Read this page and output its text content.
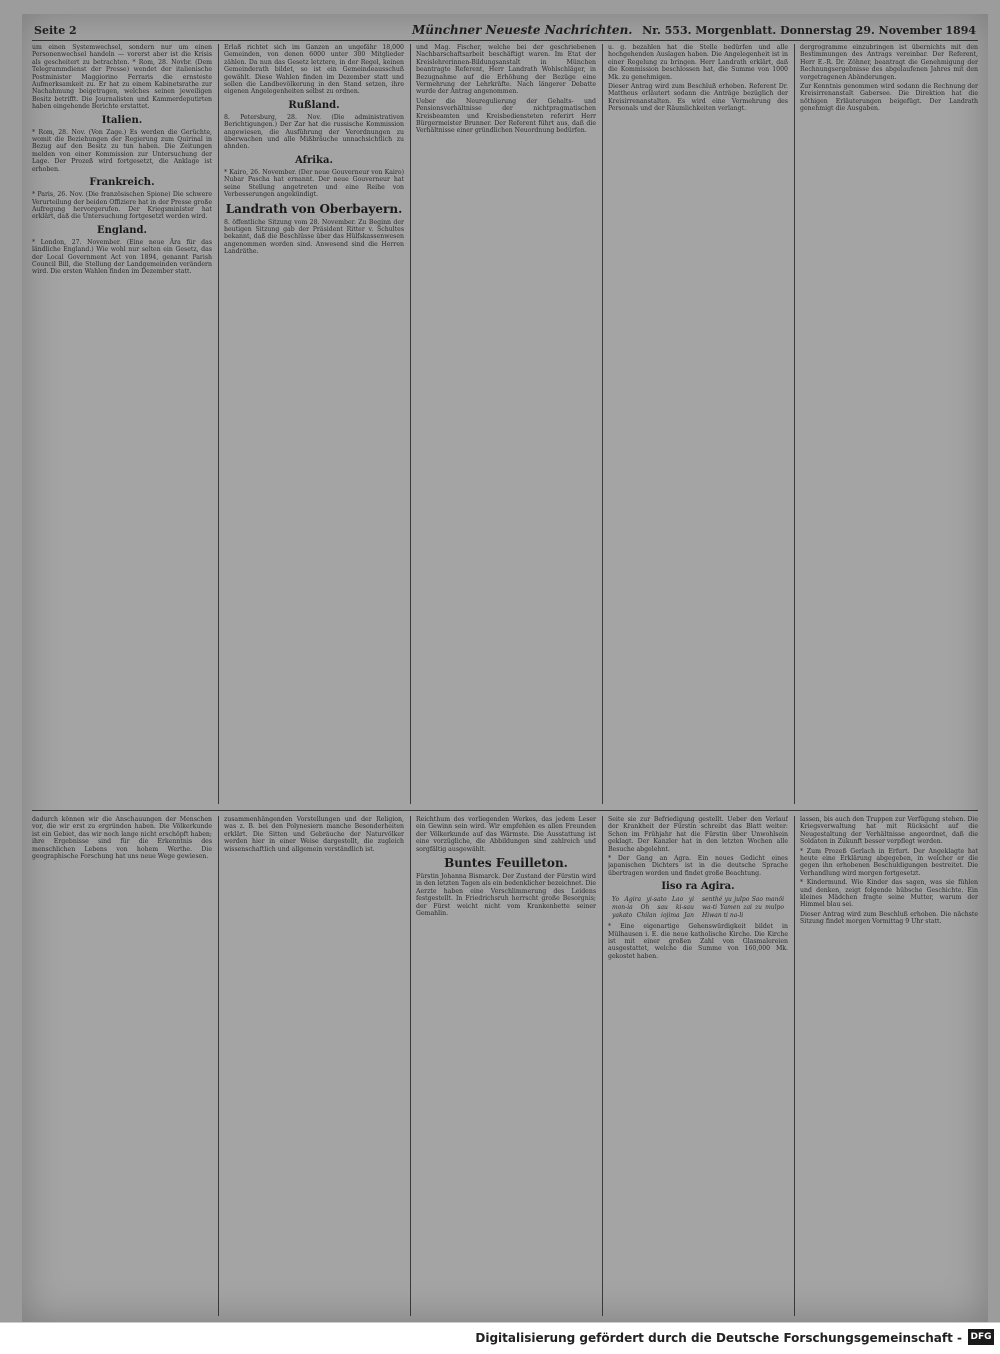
Seite 2	Münchner Neueste Nachrichten. Nr. 553. Morgenblatt. Donnerstag 29. November 1894

um einen Systemwechsel, sondern nur um einen Personenwechsel handeln — vorerst aber ist die Krisis als gescheitert zu betrachten. * Rom, 28. Novbr. (Dem Telegrammdienst der Presse) wendet der italienische Postminister Maggiorino Ferraris die ernsteste Aufmerksamkeit zu. Er hat zu einem Kabinetsrathe zur Nachahmung beigetragen, welches seinen jeweiligen Besitz betrifft. Die Journalisten und Kammerdeputirten haben eingehende Berichte erstattet.

Italien.

* Rom, 28. Nov. (Von Zage.) Es werden die Gerüchte, womit die Beziehungen der Regierung zum Quirinal in Bezug auf den Besitz zu tun haben. Die Zeitungen melden von einer Kommission zur Untersuchung der Lage. Der Prozeß wird fortgesetzt, die Anklage ist erhoben.

Frankreich.

* Paris, 26. Nov. (Die französischen Spione) Die schwere Verurteilung der beiden Offiziere hat in der Presse große Aufregung hervorgerufen. Der Kriegsminister hat erklärt, daß die Untersuchung fortgesetzt werden wird.

England.

* London, 27. November. (Eine neue Ära für das ländliche England.) Wie wohl nur selten ein Gesetz, das der Local Government Act von 1894, genannt Parish Council Bill, die Stellung der Landgemeinden verändern wird. Die ersten Wahlen finden im Dezember statt.

Erlaß richtet sich im Ganzen an ungefähr 18,000 Gemeinden, von denen 6000 unter 300 Mitglieder zählen. Da nun das Gesetz letztere, in der Regel, keinen Gemeinderath bildet, so ist ein Gemeindeausschuß gewählt. Diese Wahlen finden im Dezember statt und sollen die Landbevölkerung in den Stand setzen, ihre eigenen Angelegenheiten selbst zu ordnen.

Rußland.

8. Petersburg, 28. Nov. (Die administrativen Berichtigungen.) Der Zar hat die russische Kommission angewiesen, die Ausführung der Verordnungen zu überwachen und alle Mißbräuche unnachsichtlich zu ahnden.

Afrika.

* Kairo, 26. November. (Der neue Gouverneur von Kairo) Nubar Pascha hat ernannt. Der neue Gouverneur hat seine Stellung angetreten und eine Reihe von Verbesserungen angekündigt.

Landrath von Oberbayern.

8. öffentliche Sitzung vom 28. November. Zu Beginn der heutigen Sitzung gab der Präsident Ritter v. Schultes bekannt, daß die Beschlüsse über das Hülfskassenwesen angenommen worden sind. Anwesend sind die Herren Landräthe.

und Mag. Fischer, welche bei der geschriebenen Nachbarschaftsarbeit beschäftigt waren. Im Etat der Kreislehrerinnen-Bildungsanstalt in München beantragte Referent, Herr Landrath Wohlschläger, in Bezugnahme auf die Erhöhung der Bezüge eine Vermehrung der Lehrkräfte. Nach längerer Debatte wurde der Antrag angenommen.

Ueber die Neuregulierung der Gehalts- und Pensionsverhältnisse der nichtpragmatischen Kreisbeamten und Kreisbediensteten referirt Herr Bürgermeister Brunner. Der Referent führt aus, daß die Verhältnisse einer gründlichen Neuordnung bedürfen.

u. g. bezahlen hat die Stelle bedürfen und alle hochgehenden Auslagen haben. Die Angelegenheit ist in einer Regelung zu bringen. Herr Landrath erklärt, daß die Kommission beschlossen hat, die Summe von 1000 Mk. zu genehmigen.

Dieser Antrag wird zum Beschluß erhoben. Referent Dr. Mattheus erläutert sodann die Anträge bezüglich der Kreisirrenanstalten. Es wird eine Vermehrung des Personals und der Räumlichkeiten verlangt.

dergrogramme einzubringen ist übernichts mit den Bestimmungen des Antrags vereinbar. Der Referent, Herr E.-R. Dr. Zöhner, beantragt die Genehmigung der Rechnungsergebnisse des abgelaufenen Jahres mit den vorgetragenen Abänderungen.

Zur Kenntnis genommen wird sodann die Rechnung der Kreisirrenanstalt Gabersee. Die Direktion hat die nöthigen Erläuterungen beigefügt. Der Landrath genehmigt die Ausgaben.

dadurch können wir die Anschauungen der Menschen vor, die wir erst zu ergründen haben. Die Völkerkunde ist ein Gebiet, das wir noch lange nicht erschöpft haben; ihre Ergebnisse sind für die Erkenntnis des menschlichen Lebens von hohem Werthe. Die geographische Forschung hat uns neue Wege gewiesen.

zusammenhängenden Vorstellungen und der Religion, was z. B. bei den Polynesiern manche Besonderheiten erklärt. Die Sitten und Gebräuche der Naturvölker werden hier in einer Weise dargestellt, die zugleich wissenschaftlich und allgemein verständlich ist.

Reichthum des vorliegenden Werkes, das jedem Leser ein Gewinn sein wird. Wir empfehlen es allen Freunden der Völkerkunde auf das Wärmste. Die Ausstattung ist eine vorzügliche, die Abbildungen sind zahlreich und sorgfältig ausgewählt.

Buntes Feuilleton.

Fürstin Johanna Bismarck. Der Zustand der Fürstin wird in den letzten Tagen als ein bedenklicher bezeichnet. Die Aerzte haben eine Verschlimmerung des Leidens festgestellt. In Friedrichsruh herrscht große Besorgnis; der Fürst weicht nicht vom Krankenbette seiner Gemahlin.

Seite sie zur Befriedigung gestellt. Ueber den Verlauf der Krankheit der Fürstin schreibt das Blatt weiter: Schon im Frühjahr hat die Fürstin über Unwohlsein geklagt. Der Kanzler hat in den letzten Wochen alle Besuche abgelehnt.

* Der Gang an Agra. Ein neues Gedicht eines japanischen Dichters ist in die deutsche Sprache übertragen worden und findet große Beachtung.

Iiso ra Agira.
Yo Agira yi-sato Lao yi mon-ia Oh sau ki-sau yakato Chilan iojima Jan senthé yu julpo Sao manöi wa-ti Yamen zai zu mulpo Hiwan ti na-li

* Eine eigenartige Gehenswürdigkeit bildet in Mülhausen i. E. die neue katholische Kirche. Die Kirche ist mit einer großen Zahl von Glasmalereien ausgestattet, welche die Summe von 160,000 Mk. gekostet haben.

lassen, bis auch den Truppen zur Verfügung stehen. Die Kriegsverwaltung hat mit Rücksicht auf die Neugestaltung der Verhältnisse angeordnet, daß die Soldaten in Zukunft besser verpflegt werden.

* Zum Prozeß Gerlach in Erfurt. Der Angeklagte hat heute eine Erklärung abgegeben, in welcher er die gegen ihn erhobenen Beschuldigungen bestreitet. Die Verhandlung wird morgen fortgesetzt.

* Kindermund. Wie Kinder das sagen, was sie fühlen und denken, zeigt folgende hübsche Geschichte. Ein kleines Mädchen fragte seine Mutter, warum der Himmel blau sei.

Dieser Antrag wird zum Beschluß erhoben. Die nächste Sitzung findet morgen Vormittag 9 Uhr statt.

Digitalisierung gefördert durch die Deutsche Forschungsgemeinschaft - DFG
